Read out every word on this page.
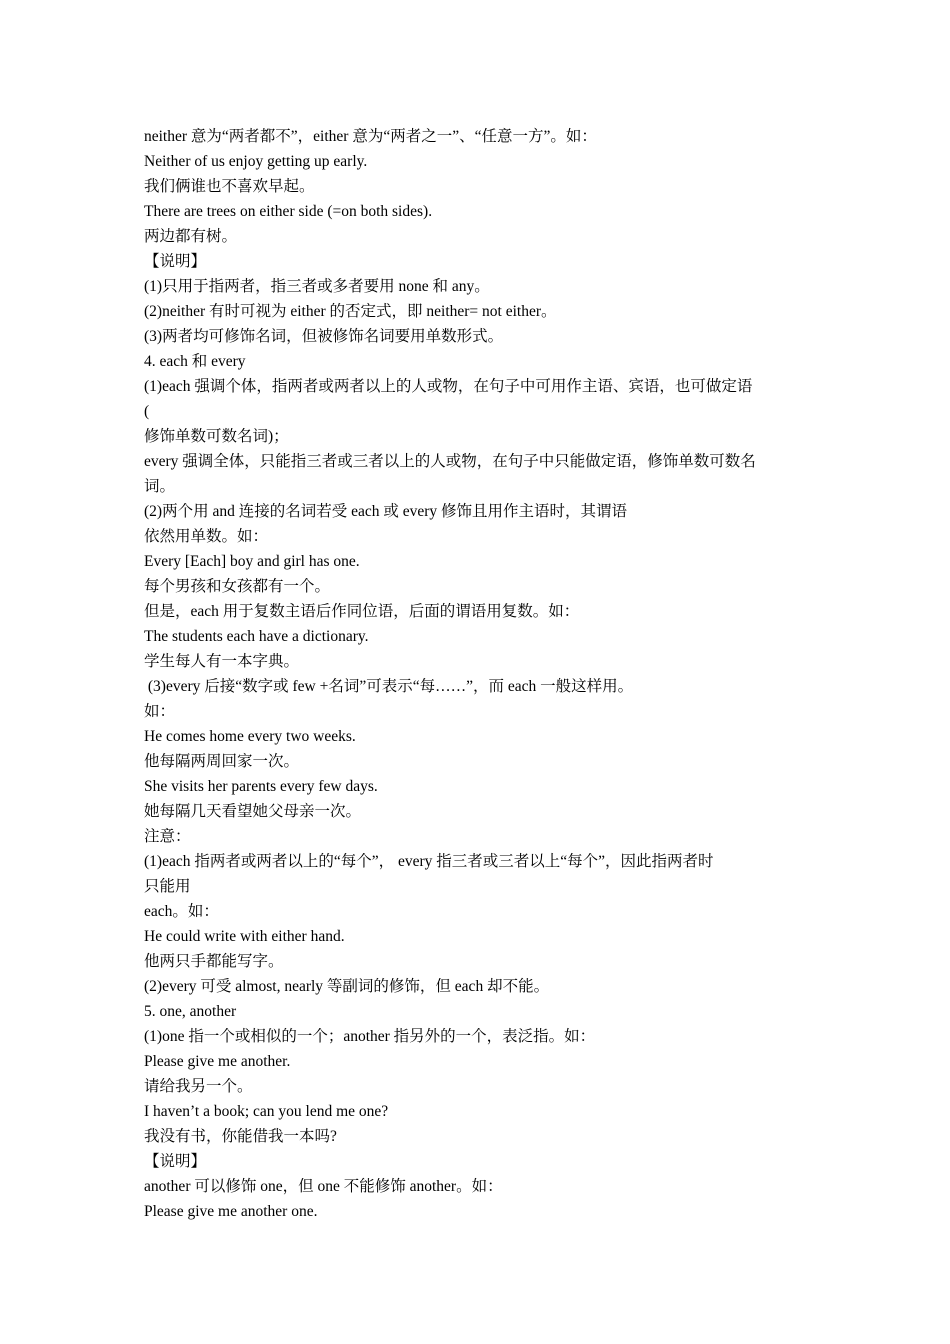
neither 意为“两者都不”，either 意为“两者之一”、“任意一方”。如：
Neither of us enjoy getting up early.
我们俩谁也不喜欢早起。
There are trees on either side (=on both sides).
两边都有树。
【说明】
(1)只用于指两者，指三者或多者要用 none 和 any。
(2)neither 有时可视为 either 的否定式，即 neither= not either。
(3)两者均可修饰名词，但被修饰名词要用单数形式。
4. each 和 every
(1)each 强调个体，指两者或两者以上的人或物，在句子中可用作主语、宾语，也可做定语
(
修饰单数可数名词)；
every 强调全体，只能指三者或三者以上的人或物，在句子中只能做定语，修饰单数可数名
词。
(2)两个用 and 连接的名词若受 each 或 every 修饰且用作主语时，其谓语
依然用单数。如：
Every [Each] boy and girl has one.
每个男孩和女孩都有一个。
但是，each 用于复数主语后作同位语，后面的谓语用复数。如：
The students each have a dictionary.
学生每人有一本字典。
(3)every 后接“数字或 few +名词”可表示“每……”，而 each 一般这样用。
如：
He comes home every two weeks.
他每隔两周回家一次。
She visits her parents every few days.
她每隔几天看望她父母亲一次。
注意：
(1)each 指两者或两者以上的“每个”， every 指三者或三者以上“每个”，因此指两者时
只能用
each。如：
He could write with either hand.
他两只手都能写字。
(2)every 可受 almost, nearly 等副词的修饰，但 each 却不能。
5. one, another
(1)one 指一个或相似的一个；another 指另外的一个，表泛指。如：
Please give me another.
请给我另一个。
I haven’t a book; can you lend me one?
我没有书，你能借我一本吗?
【说明】
another 可以修饰 one，但 one 不能修饰 another。如：
Please give me another one.
